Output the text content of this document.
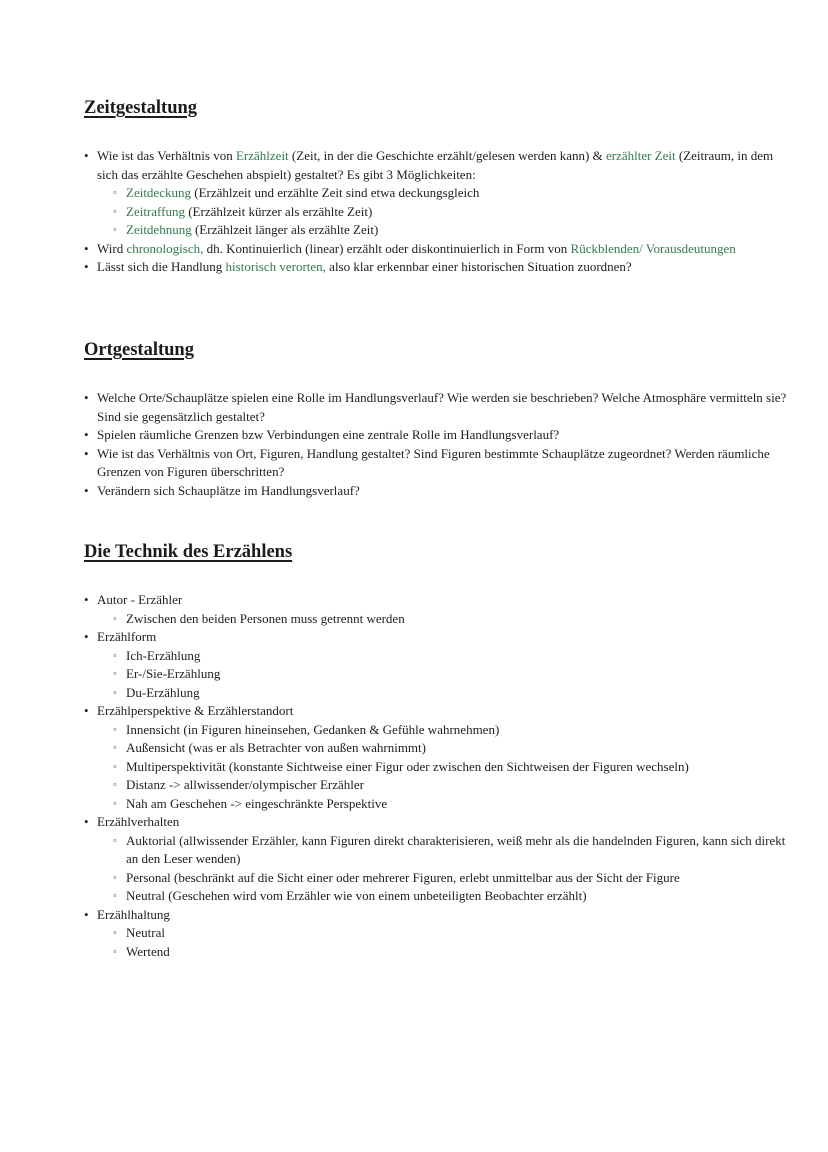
Zeitgestaltung
• Wie ist das Verhältnis von Erzählzeit (Zeit, in der die Geschichte erzählt/gelesen werden kann) & erzählter Zeit (Zeitraum, in dem sich das erzählte Geschehen abspielt) gestaltet? Es gibt 3 Möglichkeiten:
◦ Zeitdeckung (Erzählzeit und erzählte Zeit sind etwa deckungsgleich
◦ Zeitraffung (Erzählzeit kürzer als erzählte Zeit)
◦ Zeitdehnung (Erzählzeit länger als erzählte Zeit)
• Wird chronologisch, dh. Kontinuierlich (linear) erzählt oder diskontinuierlich in Form von Rückblenden/ Vorausdeutungen
• Lässt sich die Handlung historisch verorten, also klar erkennbar einer historischen Situation zuordnen?
Ortgestaltung
• Welche Orte/Schauplätze spielen eine Rolle im Handlungsverlauf? Wie werden sie beschrieben? Welche Atmosphäre vermitteln sie? Sind sie gegensätzlich gestaltet?
• Spielen räumliche Grenzen bzw Verbindungen eine zentrale Rolle im Handlungsverlauf?
• Wie ist das Verhältnis von Ort, Figuren, Handlung gestaltet? Sind Figuren bestimmte Schauplätze zugeordnet? Werden räumliche Grenzen von Figuren überschritten?
• Verändern sich Schauplätze im Handlungsverlauf?
Die Technik des Erzählens
• Autor - Erzähler
◦ Zwischen den beiden Personen muss getrennt werden
• Erzählform
◦ Ich-Erzählung
◦ Er-/Sie-Erzählung
◦ Du-Erzählung
• Erzählperspektive & Erzählerstandort
◦ Innensicht (in Figuren hineinsehen, Gedanken & Gefühle wahrnehmen)
◦ Außensicht (was er als Betrachter von außen wahrnimmt)
◦ Multiperspektivität (konstante Sichtweise einer Figur oder zwischen den Sichtweisen der Figuren wechseln)
◦ Distanz -> allwissender/olympischer Erzähler
◦ Nah am Geschehen -> eingeschränkte Perspektive
• Erzählverhalten
◦ Auktorial (allwissender Erzähler, kann Figuren direkt charakterisieren, weiß mehr als die handelnden Figuren, kann sich direkt an den Leser wenden)
◦ Personal (beschränkt auf die Sicht einer oder mehrerer Figuren, erlebt unmittelbar aus der Sicht der Figure
◦ Neutral (Geschehen wird vom Erzähler wie von einem unbeteiligten Beobachter erzählt)
• Erzählhaltung
◦ Neutral
◦ Wertend
